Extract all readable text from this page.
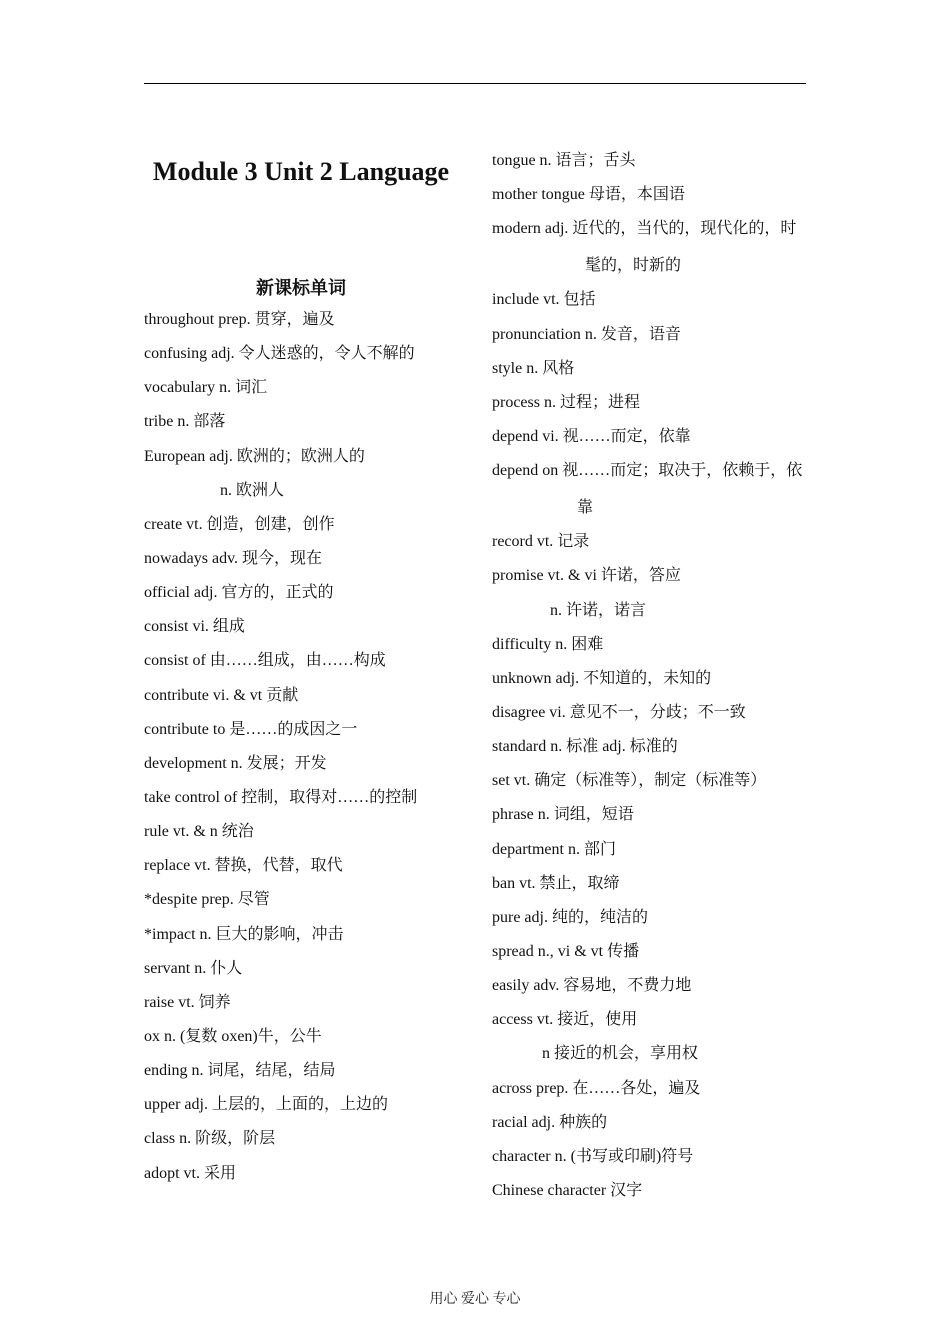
Module 3 Unit 2 Language
新课标单词
throughout prep. 贯穿，遍及
confusing adj. 令人迷惑的，令人不解的
vocabulary n. 词汇
tribe n. 部落
European adj. 欧洲的；欧洲人的
n. 欧洲人
create vt. 创造，创建，创作
nowadays adv. 现今，现在
official adj. 官方的，正式的
consist vi. 组成
consist of 由……组成，由……构成
contribute vi. & vt 贡献
contribute to 是……的成因之一
development n. 发展；开发
take control of 控制，取得对……的控制
rule vt. & n 统治
replace vt. 替换，代替，取代
*despite prep. 尽管
*impact n. 巨大的影响，冲击
servant n. 仆人
raise vt. 饲养
ox n. (复数 oxen)牛，公牛
ending n. 词尾，结尾，结局
upper adj. 上层的，上面的，上边的
class n. 阶级，阶层
adopt vt. 采用
tongue n. 语言；舌头
mother tongue 母语，本国语
modern adj. 近代的，当代的，现代化的，时
髦的，时新的
include vt. 包括
pronunciation n. 发音，语音
style n. 风格
process n. 过程；进程
depend vi. 视……而定，依靠
depend on 视……而定；取决于，依赖于，依
靠
record vt. 记录
promise vt. & vi 许诺，答应
n. 许诺，诺言
difficulty n. 困难
unknown adj. 不知道的，未知的
disagree vi. 意见不一，分歧；不一致
standard n. 标准 adj. 标准的
set vt. 确定（标准等），制定（标准等）
phrase n. 词组，短语
department n. 部门
ban vt. 禁止，取缔
pure adj. 纯的，纯洁的
spread n., vi & vt 传播
easily adv. 容易地，不费力地
access vt. 接近，使用
n 接近的机会，享用权
across prep. 在……各处，遍及
racial adj. 种族的
character n. (书写或印刷)符号
Chinese character 汉字
用心 爱心 专心
